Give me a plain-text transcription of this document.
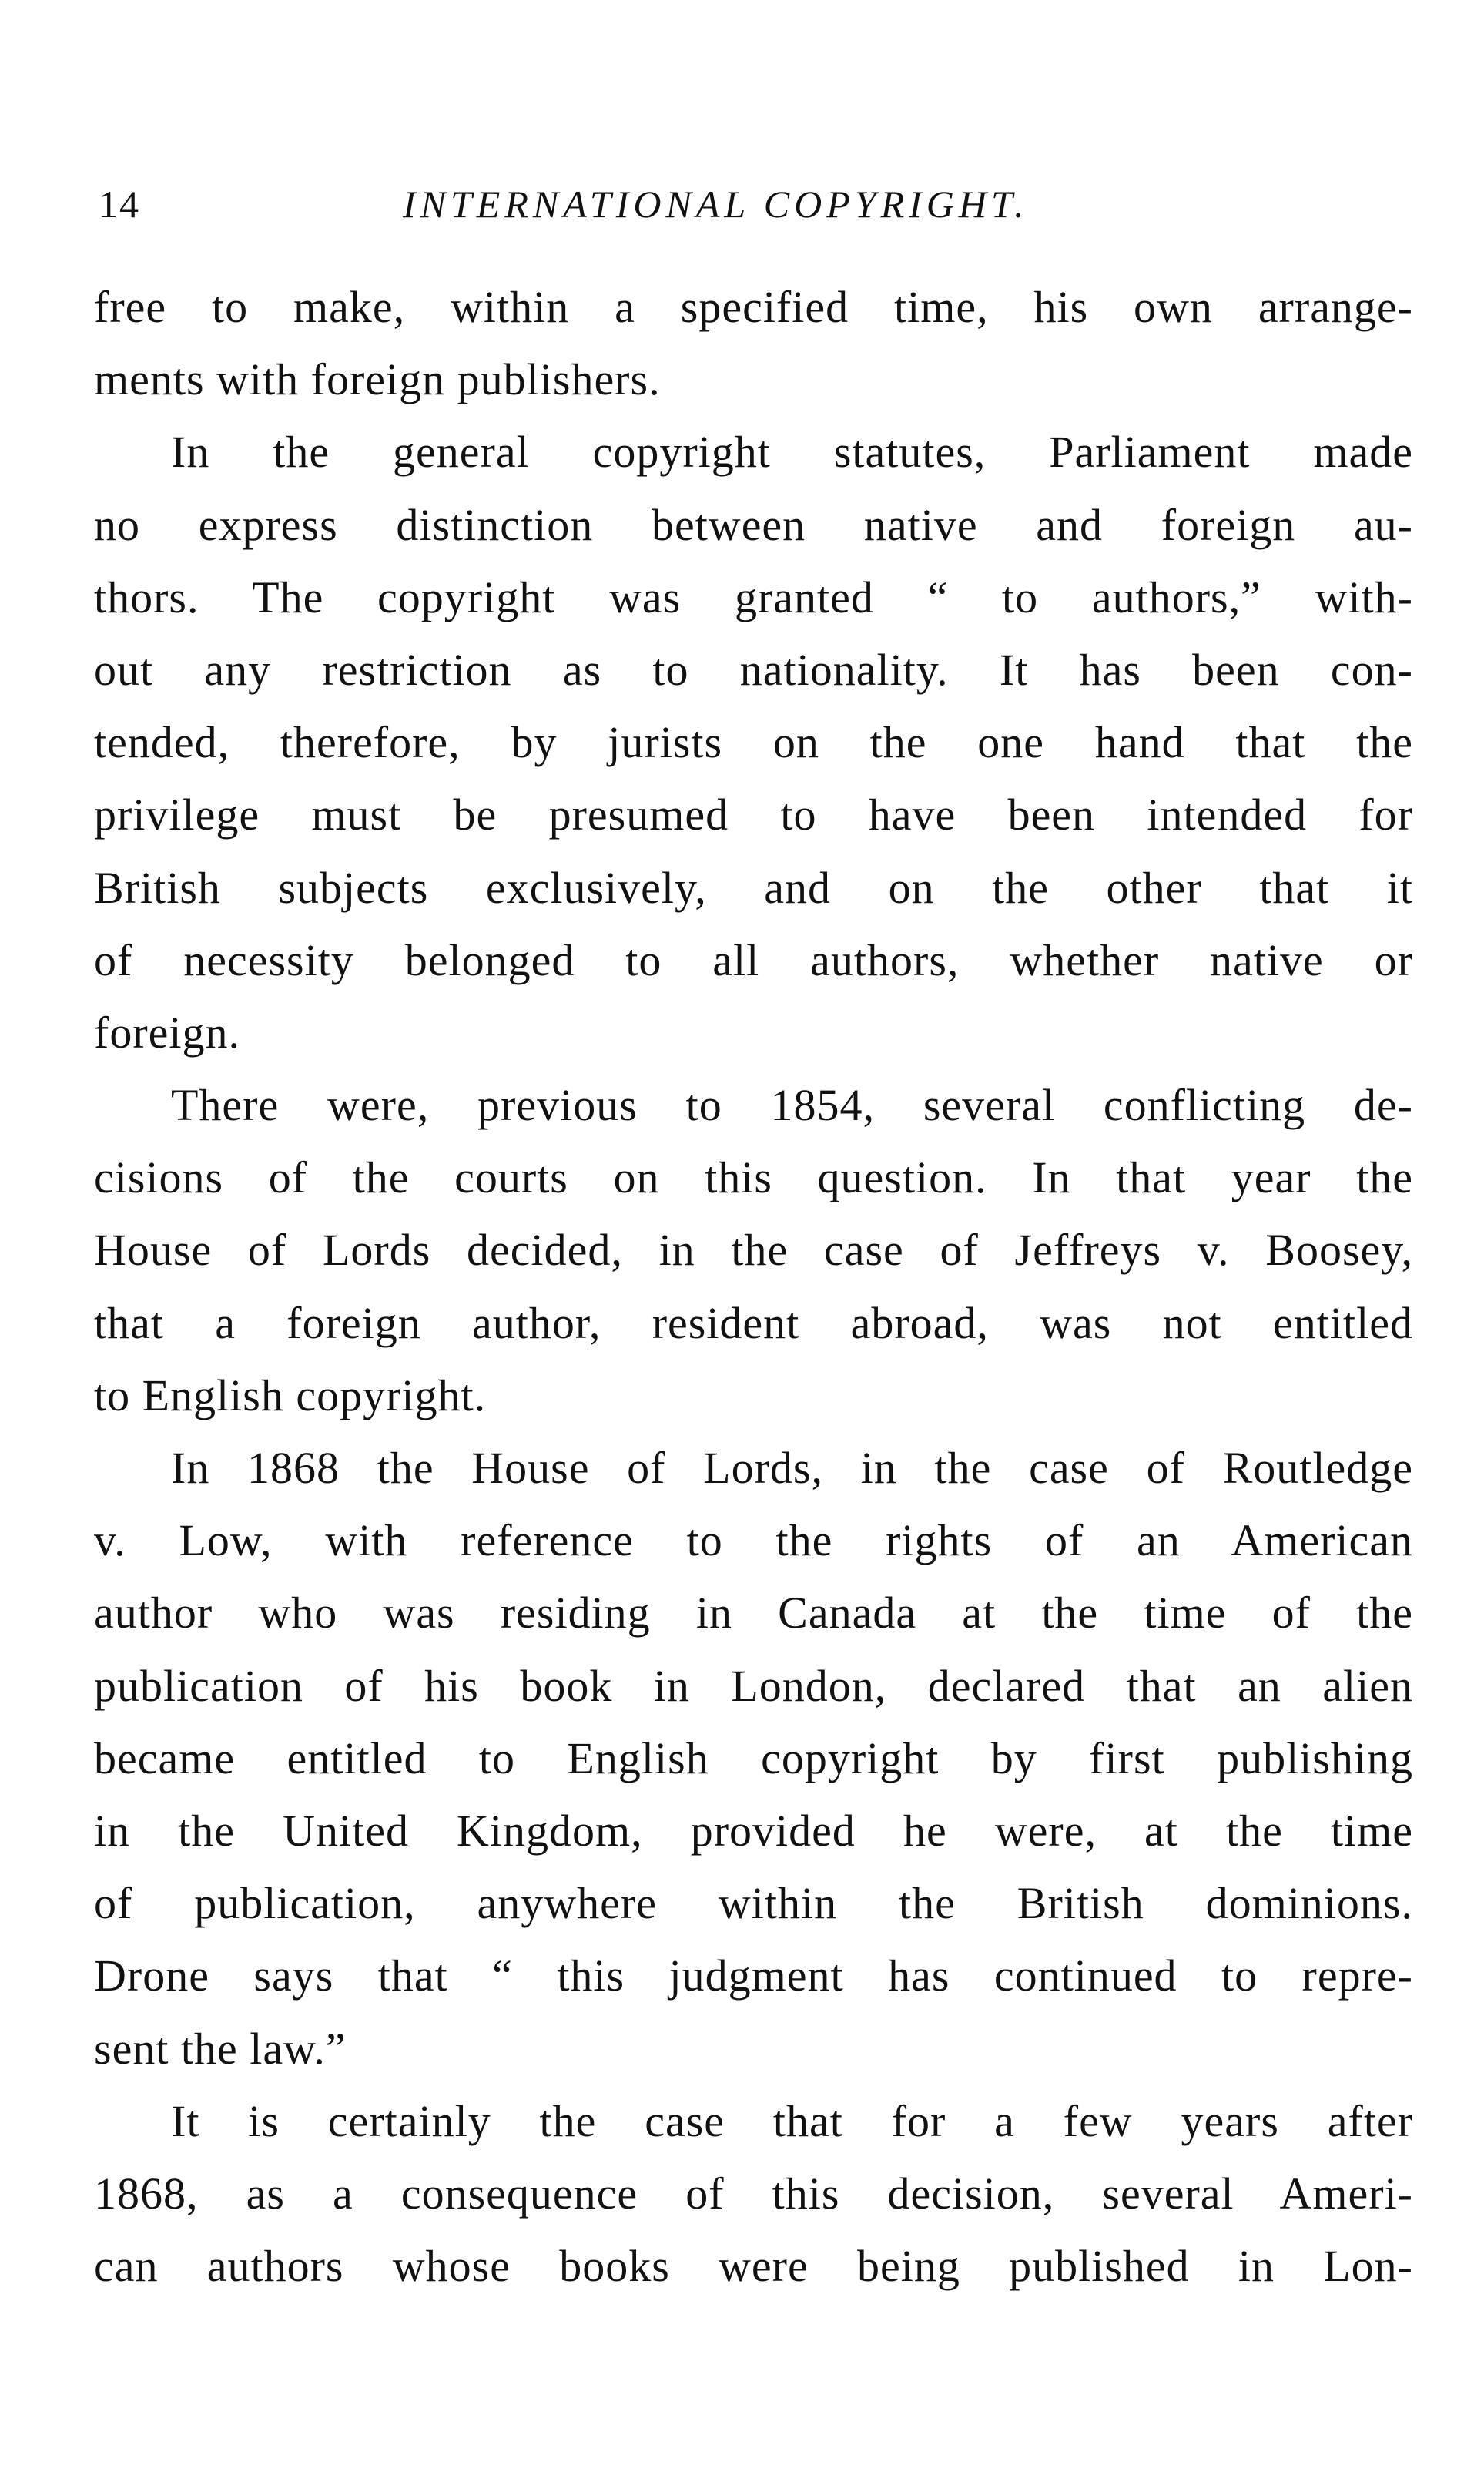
14	INTERNATIONAL COPYRIGHT.
free to make, within a specified time, his own arrange-
ments with foreign publishers.
In the general copyright statutes, Parliament made
no express distinction between native and foreign au-
thors. The copyright was granted “ to authors,” with-
out any restriction as to nationality. It has been con-
tended, therefore, by jurists on the one hand that the
privilege must be presumed to have been intended for
British subjects exclusively, and on the other that it
of necessity belonged to all authors, whether native or
foreign.
There were, previous to 1854, several conflicting de-
cisions of the courts on this question. In that year the
House of Lords decided, in the case of Jeffreys v. Boosey,
that a foreign author, resident abroad, was not entitled
to English copyright.
In 1868 the House of Lords, in the case of Routledge
v. Low, with reference to the rights of an American
author who was residing in Canada at the time of the
publication of his book in London, declared that an alien
became entitled to English copyright by first publishing
in the United Kingdom, provided he were, at the time
of publication, anywhere within the British dominions.
Drone says that “ this judgment has continued to repre-
sent the law.”
It is certainly the case that for a few years after
1868, as a consequence of this decision, several Ameri-
can authors whose books were being published in Lon-
